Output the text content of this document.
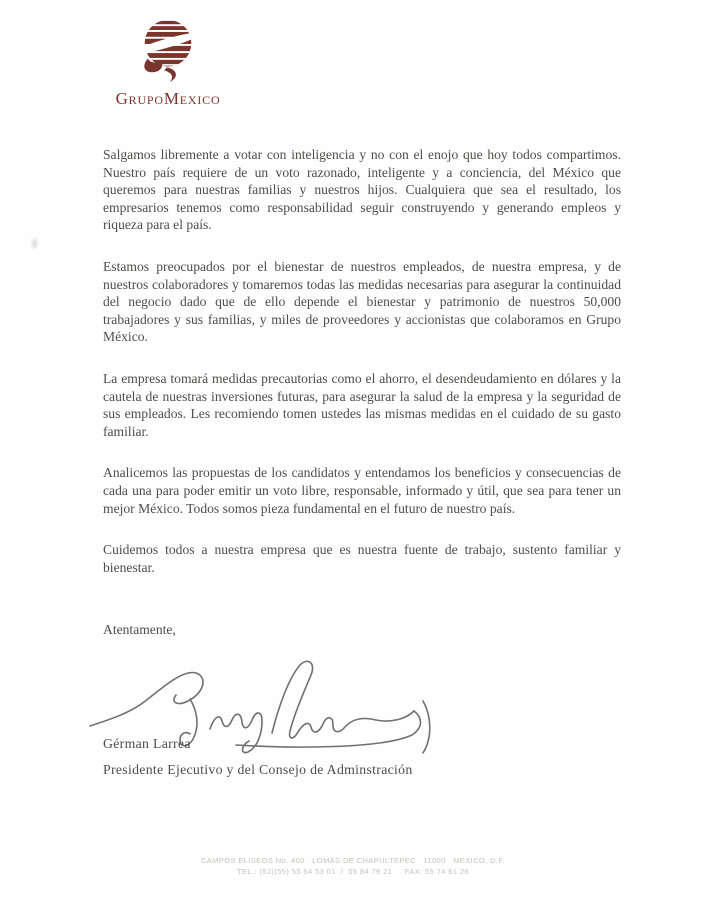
GrupoMexico

Salgamos libremente a votar con inteligencia y no con el enojo que hoy todos compartimos. Nuestro país requiere de un voto razonado, inteligente y a conciencia, del México que queremos para nuestras familias y nuestros hijos. Cualquiera que sea el resultado, los empresarios tenemos como responsabilidad seguir construyendo y generando empleos y riqueza para el país.

Estamos preocupados por el bienestar de nuestros empleados, de nuestra empresa, y de nuestros colaboradores y tomaremos todas las medidas necesarias para asegurar la continuidad del negocio dado que de ello depende el bienestar y patrimonio de nuestros 50,000 trabajadores y sus familias, y miles de proveedores y accionistas que colaboramos en Grupo México.

La empresa tomará medidas precautorias como el ahorro, el desendeudamiento en dólares y la cautela de nuestras inversiones futuras, para asegurar la salud de la empresa y la seguridad de sus empleados. Les recomiendo tomen ustedes las mismas medidas en el cuidado de su gasto familiar.

Analicemos las propuestas de los candidatos y entendamos los beneficios y consecuencias de cada una para poder emitir un voto libre, responsable, informado y útil, que sea para tener un mejor México. Todos somos pieza fundamental en el futuro de nuestro país.

Cuidemos todos a nuestra empresa que es nuestra fuente de trabajo, sustento familiar y bienestar.

Atentamente,
Gérman Larrea
Presidente Ejecutivo y del Consejo de Adminstración
CAMPOS ELISEOS No. 400   LOMAS DE CHAPULTEPEC   11000   MEXICO, D.F.
TEL.: (52)(55) 55 64 53 01  /  55 84 79 21     FAX: 55 74 61 26
